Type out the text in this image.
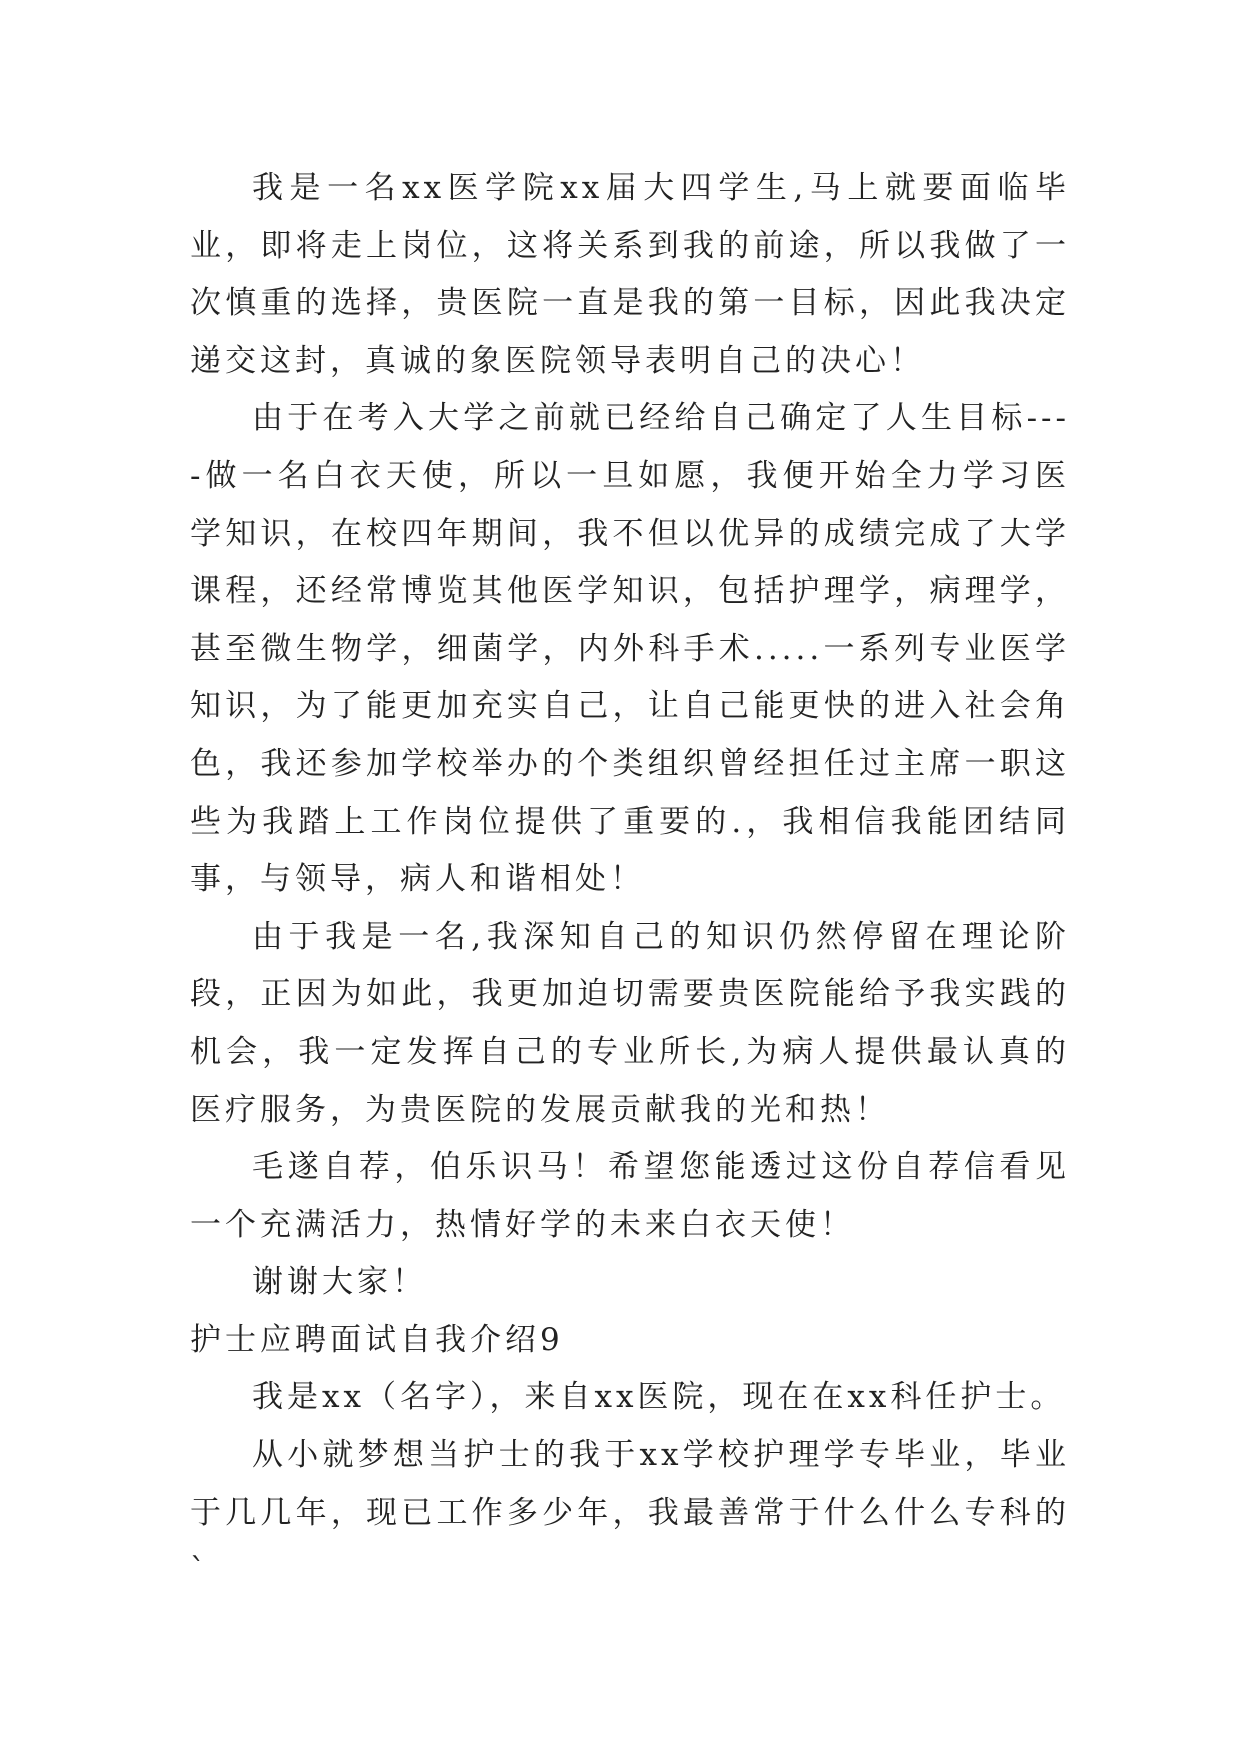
我是一名xx医学院xx届大四学生,马上就要面临毕业，即将走上岗位，这将关系到我的前途，所以我做了一次慎重的选择，贵医院一直是我的第一目标，因此我决定递交这封，真诚的象医院领导表明自己的决心！

由于在考入大学之前就已经给自己确定了人生目标----做一名白衣天使，所以一旦如愿，我便开始全力学习医学知识，在校四年期间，我不但以优异的成绩完成了大学课程，还经常博览其他医学知识，包括护理学，病理学，甚至微生物学，细菌学，内外科手术.....一系列专业医学知识，为了能更加充实自己，让自己能更快的进入社会角色，我还参加学校举办的个类组织曾经担任过主席一职这些为我踏上工作岗位提供了重要的.，我相信我能团结同事，与领导，病人和谐相处！

由于我是一名,我深知自己的知识仍然停留在理论阶段，正因为如此，我更加迫切需要贵医院能给予我实践的机会，我一定发挥自己的专业所长,为病人提供最认真的医疗服务，为贵医院的发展贡献我的光和热！

毛遂自荐，伯乐识马！希望您能透过这份自荐信看见一个充满活力，热情好学的未来白衣天使！

谢谢大家！

护士应聘面试自我介绍9

我是xx（名字），来自xx医院，现在在xx科任护士。

从小就梦想当护士的我于xx学校护理学专毕业，毕业于几几年，现已工作多少年，我最善常于什么什么专科的`
